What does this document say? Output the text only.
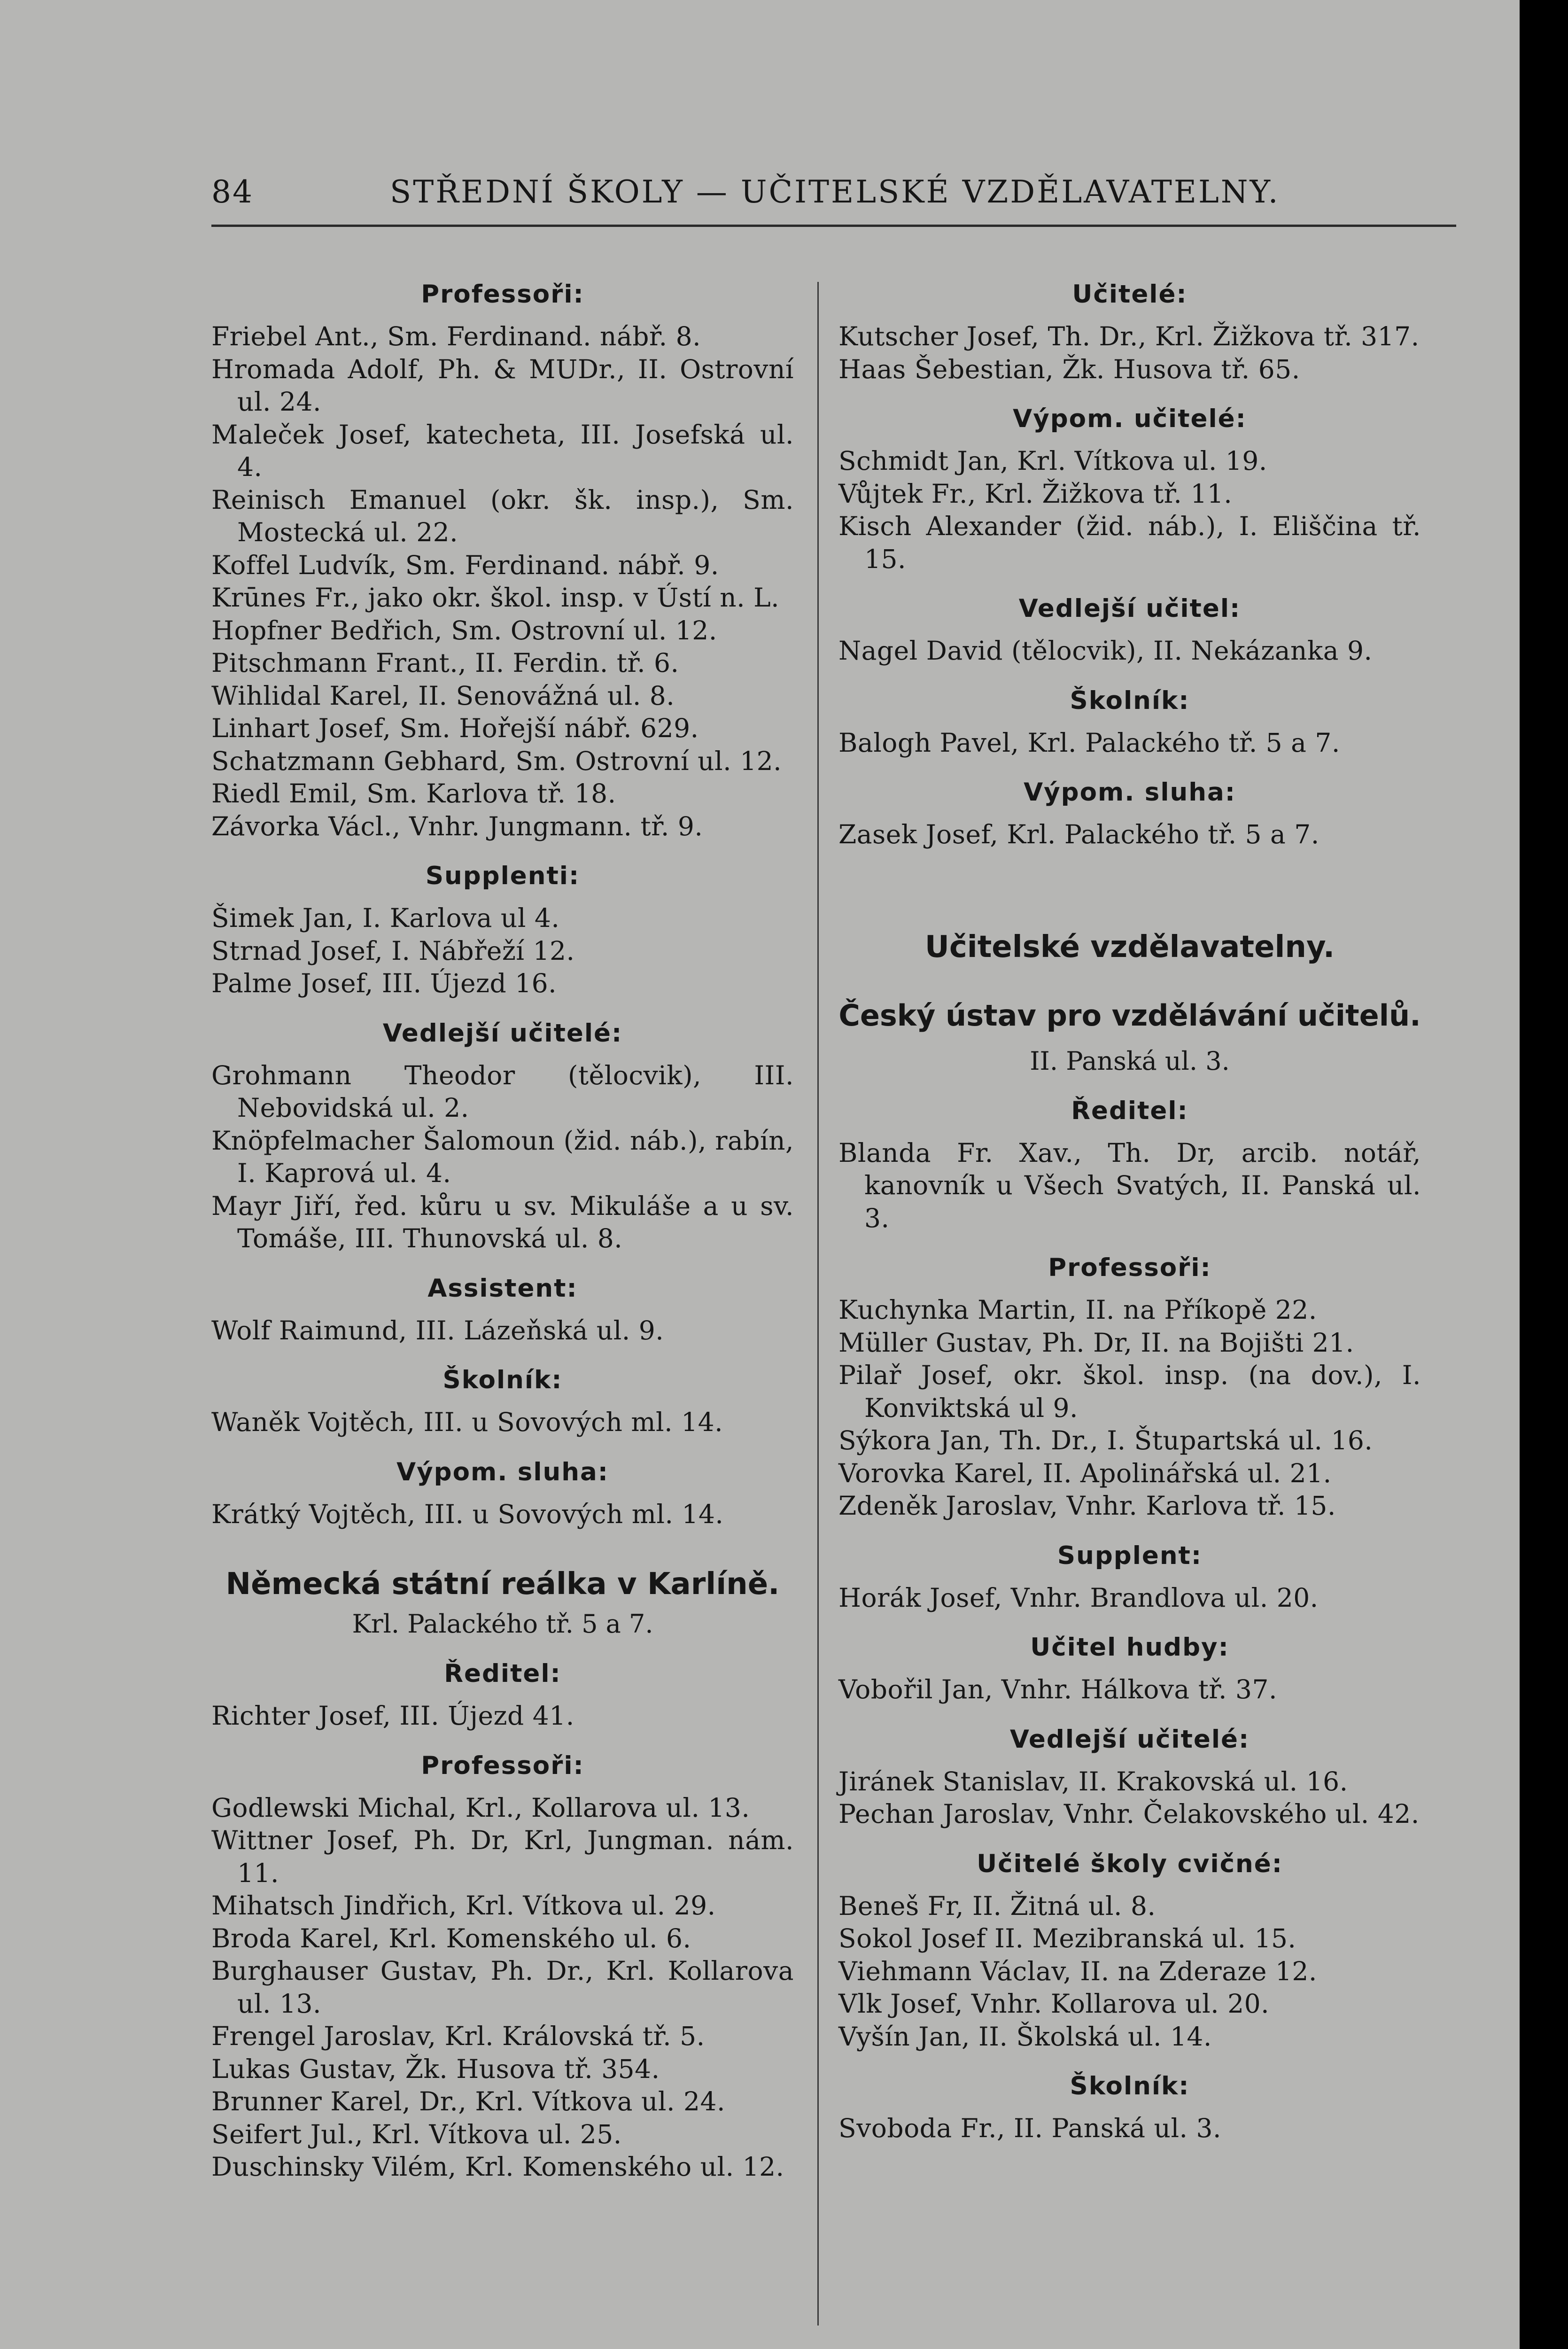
84	STŘEDNÍ ŠKOLY — UČITELSKÉ VZDĚLAVATELNY.
Professoři:
Friebel Ant., Sm. Ferdinand. nábř. 8.
Hromada Adolf, Ph. & MUDr., II. Ostrovní ul. 24.
Maleček Josef, katecheta, III. Josefská ul. 4.
Reinisch Emanuel (okr. šk. insp.), Sm. Mostecká ul. 22.
Koffel Ludvík, Sm. Ferdinand. nábř. 9.
Krūnes Fr., jako okr. škol. insp. v Ústí n. L.
Hopfner Bedřich, Sm. Ostrovní ul. 12.
Pitschmann Frant., II. Ferdin. tř. 6.
Wihlidal Karel, II. Senovážná ul. 8.
Linhart Josef, Sm. Hořejší nábř. 629.
Schatzmann Gebhard, Sm. Ostrovní ul. 12.
Riedl Emil, Sm. Karlova tř. 18.
Závorka Václ., Vnhr. Jungmann. tř. 9.
Supplenti:
Šimek Jan, I. Karlova ul 4.
Strnad Josef, I. Nábřeží 12.
Palme Josef, III. Újezd 16.
Vedlejší učitelé:
Grohmann Theodor (tělocvik), III. Nebovidská ul. 2.
Knöpfelmacher Šalomoun (žid. náb.), rabín, I. Kaprová ul. 4.
Mayr Jiří, řed. kůru u sv. Mikuláše a u sv. Tomáše, III. Thunovská ul. 8.
Assistent:
Wolf Raimund, III. Lázeňská ul. 9.
Školník:
Waněk Vojtěch, III. u Sovových ml. 14.
Výpom. sluha:
Krátký Vojtěch, III. u Sovových ml. 14.
Německá státní reálka v Karlíně.
Krl. Palackého tř. 5 a 7.
Ředitel:
Richter Josef, III. Újezd 41.
Professoři:
Godlewski Michal, Krl., Kollarova ul. 13.
Wittner Josef, Ph. Dr, Krl, Jungman. nám. 11.
Mihatsch Jindřich, Krl. Vítkova ul. 29.
Broda Karel, Krl. Komenského ul. 6.
Burghauser Gustav, Ph. Dr., Krl. Kollarova ul. 13.
Frengel Jaroslav, Krl. Královská tř. 5.
Lukas Gustav, Žk. Husova tř. 354.
Brunner Karel, Dr., Krl. Vítkova ul. 24.
Seifert Jul., Krl. Vítkova ul. 25.
Duschinsky Vilém, Krl. Komenského ul. 12.
Učitelé:
Kutscher Josef, Th. Dr., Krl. Žižkova tř. 317.
Haas Šebestian, Žk. Husova tř. 65.
Výpom. učitelé:
Schmidt Jan, Krl. Vítkova ul. 19.
Vůjtek Fr., Krl. Žižkova tř. 11.
Kisch Alexander (žid. náb.), I. Eliščina tř. 15.
Vedlejší učitel:
Nagel David (tělocvik), II. Nekázanka 9.
Školník:
Balogh Pavel, Krl. Palackého tř. 5 a 7.
Výpom. sluha:
Zasek Josef, Krl. Palackého tř. 5 a 7.
Učitelské vzdělavatelny.
Český ústav pro vzdělávání učitelů.
II. Panská ul. 3.
Ředitel:
Blanda Fr. Xav., Th. Dr, arcib. notář, kanovník u Všech Svatých, II. Panská ul. 3.
Professoři:
Kuchynka Martin, II. na Příkopě 22.
Müller Gustav, Ph. Dr, II. na Bojišti 21.
Pilař Josef, okr. škol. insp. (na dov.), I. Konviktská ul 9.
Sýkora Jan, Th. Dr., I. Štupartská ul. 16.
Vorovka Karel, II. Apolinářská ul. 21.
Zdeněk Jaroslav, Vnhr. Karlova tř. 15.
Supplent:
Horák Josef, Vnhr. Brandlova ul. 20.
Učitel hudby:
Vobořil Jan, Vnhr. Hálkova tř. 37.
Vedlejší učitelé:
Jiránek Stanislav, II. Krakovská ul. 16.
Pechan Jaroslav, Vnhr. Čelakovského ul. 42.
Učitelé školy cvičné:
Beneš Fr, II. Žitná ul. 8.
Sokol Josef II. Mezibranská ul. 15.
Viehmann Václav, II. na Zderaze 12.
Vlk Josef, Vnhr. Kollarova ul. 20.
Vyšín Jan, II. Školská ul. 14.
Školník:
Svoboda Fr., II. Panská ul. 3.
